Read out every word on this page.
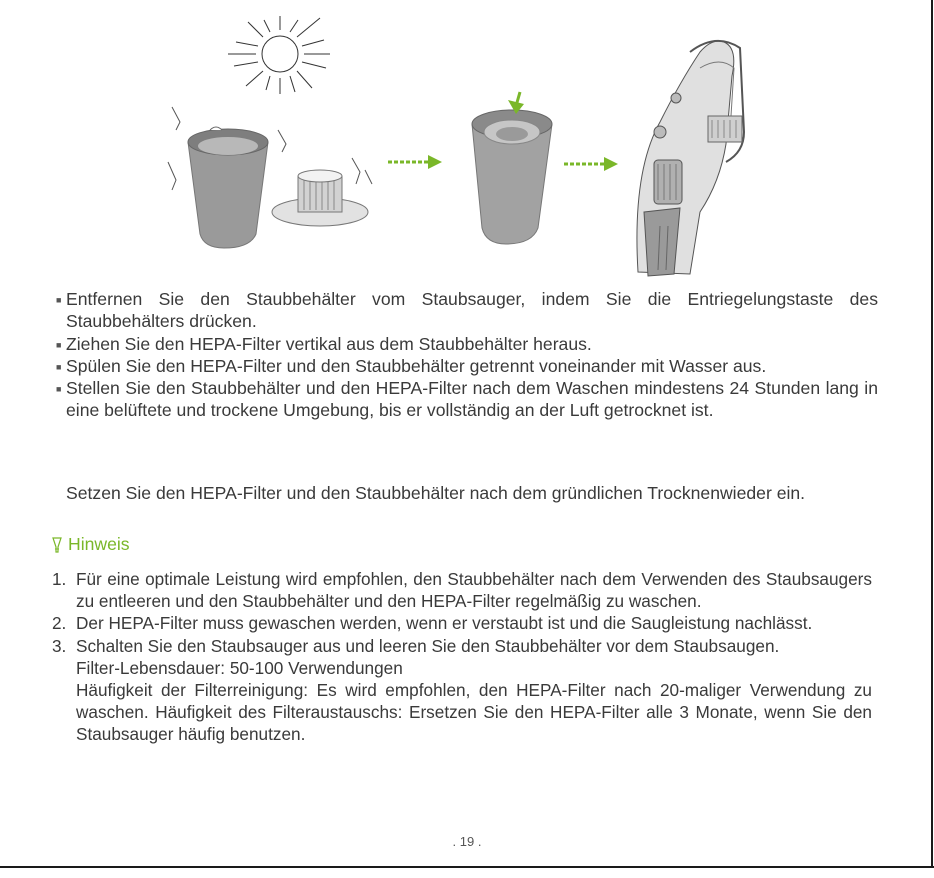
■ Entfernen Sie den Staubbehälter vom Staubsauger, indem Sie die Entriegelungstaste des Staubbehälters drücken.
■ Ziehen Sie den HEPA-Filter vertikal aus dem Staubbehälter heraus.
■ Spülen Sie den HEPA-Filter und den Staubbehälter getrennt voneinander mit Wasser aus.
■ Stellen Sie den Staubbehälter und den HEPA-Filter nach dem Waschen mindestens 24 Stunden lang in eine belüftete und trockene Umgebung, bis er vollständig an der Luft getrocknet ist.
Setzen Sie den HEPA-Filter und den Staubbehälter nach dem gründlichen Trocknenwieder ein.
Hinweis
1. Für eine optimale Leistung wird empfohlen, den Staubbehälter nach dem Verwenden des Staubsaugers zu entleeren und den Staubbehälter und den HEPA-Filter regelmäßig zu waschen.
2. Der HEPA-Filter muss gewaschen werden, wenn er verstaubt ist und die Saugleistung nachlässt.
3. Schalten Sie den Staubsauger aus und leeren Sie den Staubbehälter vor dem Staubsaugen.
Filter-Lebensdauer: 50-100 Verwendungen
Häufigkeit der Filterreinigung: Es wird empfohlen, den HEPA-Filter nach 20-maliger Verwendung zu waschen. Häufigkeit des Filteraustauschs: Ersetzen Sie den HEPA-Filter alle 3 Monate, wenn Sie den Staubsauger häufig benutzen.
. 19 .
